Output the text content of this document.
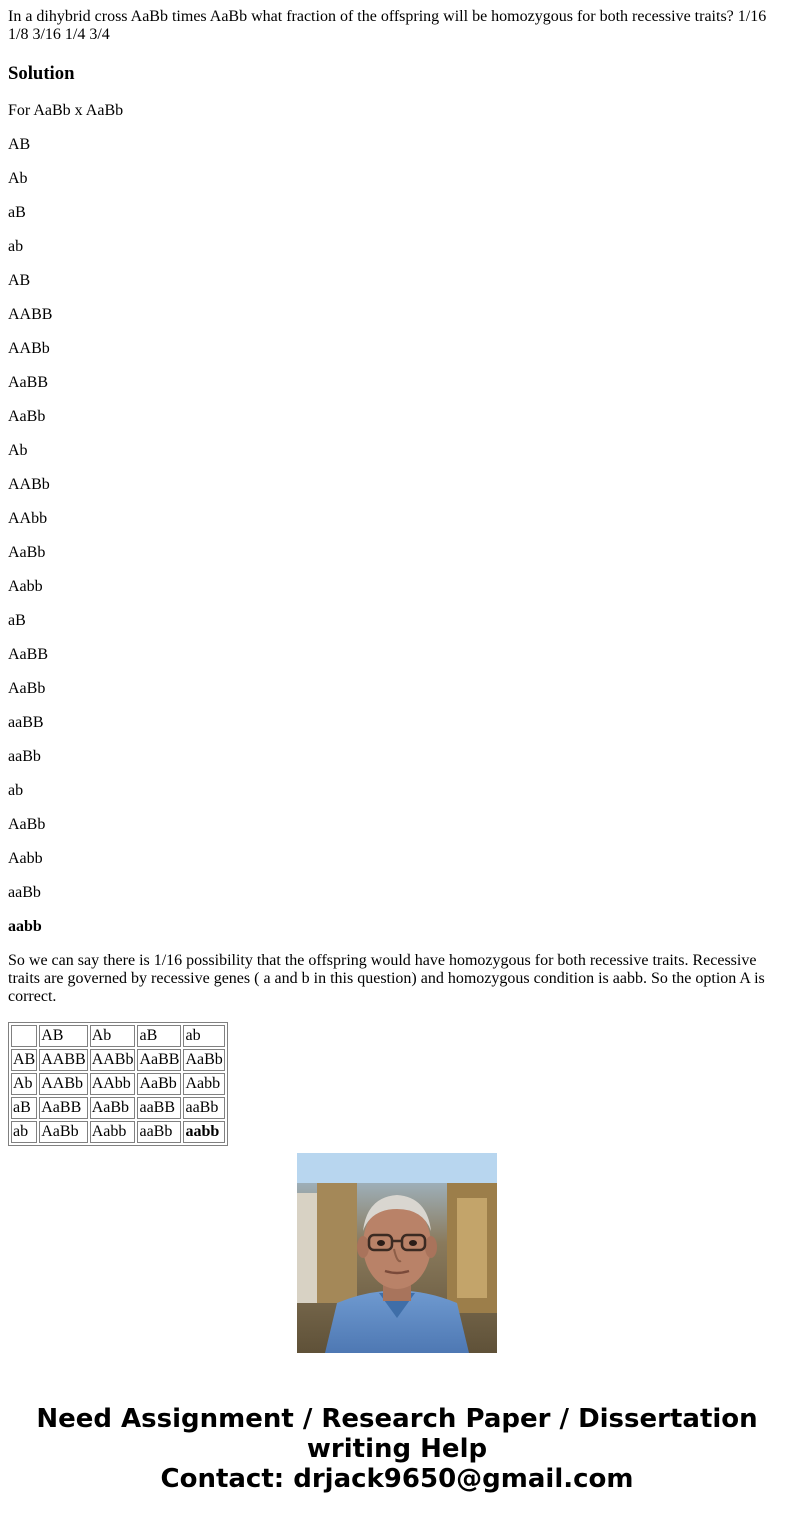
In a dihybrid cross AaBb times AaBb what fraction of the offspring will be homozygous for both recessive traits? 1/16 1/8 3/16 1/4 3/4

Solution

For AaBb x AaBb

AB

Ab

aB

ab

AB

AABB

AABb

AaBB

AaBb

Ab

AABb

AAbb

AaBb

Aabb

aB

AaBB

AaBb

aaBB

aaBb

ab

AaBb

Aabb

aaBb

aabb

So we can say there is 1/16 possibility that the offspring would have homozygous for both recessive traits. Recessive traits are governed by recessive genes ( a and b in this question) and homozygous condition is aabb. So the option A is correct.

	AB	Ab	aB	ab
AB	AABB	AABb	AaBB	AaBb
Ab	AABb	AAbb	AaBb	Aabb
aB	AaBB	AaBb	aaBB	aaBb
ab	AaBb	Aabb	aaBb	aabb
Need Assignment / Research Paper / Dissertation
writing Help
Contact: drjack9650@gmail.com
